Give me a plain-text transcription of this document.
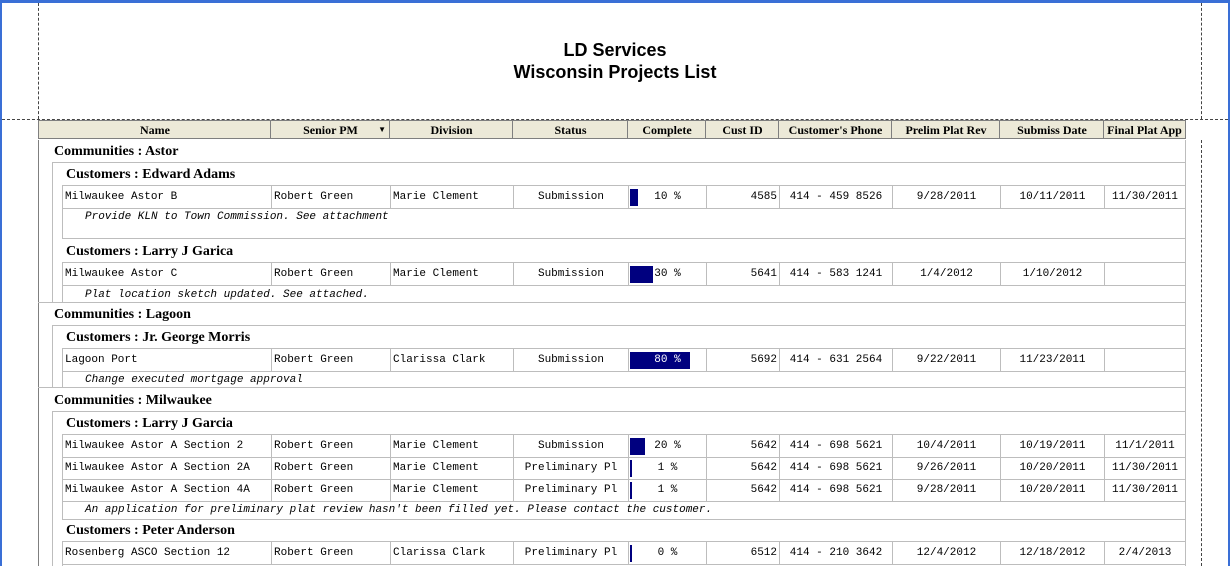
LD Services
Wisconsin Projects List
Name	Senior PM	▼	Division	Status	Complete	Cust ID	Customer's Phone	Prelim Plat Rev	Submiss Date	Final Plat App
Communities : Astor
Customers : Edward Adams
Customers : Larry J Garica
Communities : Lagoon
Customers : Jr. George Morris
Communities : Milwaukee
Customers : Larry J Garcia
Customers : Peter Anderson
Milwaukee Astor B	Robert Green	Marie Clement	Submission	10 %	4585	414 - 459 8526	9/28/2011	10/11/2011	11/30/2011
Milwaukee Astor C	Robert Green	Marie Clement	Submission	30 %	5641	414 - 583 1241	1/4/2012	1/10/2012
Lagoon Port	Robert Green	Clarissa Clark	Submission	80 %	5692	414 - 631 2564	9/22/2011	11/23/2011
Milwaukee Astor A Section 2	Robert Green	Marie Clement	Submission	20 %	5642	414 - 698 5621	10/4/2011	10/19/2011	11/1/2011
Milwaukee Astor A Section 2A	Robert Green	Marie Clement	Preliminary Pl	1 %	5642	414 - 698 5621	9/26/2011	10/20/2011	11/30/2011
Milwaukee Astor A Section 4A	Robert Green	Marie Clement	Preliminary Pl	1 %	5642	414 - 698 5621	9/28/2011	10/20/2011	11/30/2011
Rosenberg ASCO Section 12	Robert Green	Clarissa Clark	Preliminary Pl	0 %	6512	414 - 210 3642	12/4/2012	12/18/2012	2/4/2013
Provide KLN to Town Commission. See attachment
Plat location sketch updated. See attached.
Change executed mortgage approval
An application for preliminary plat review hasn't been filled yet. Please contact the customer.
